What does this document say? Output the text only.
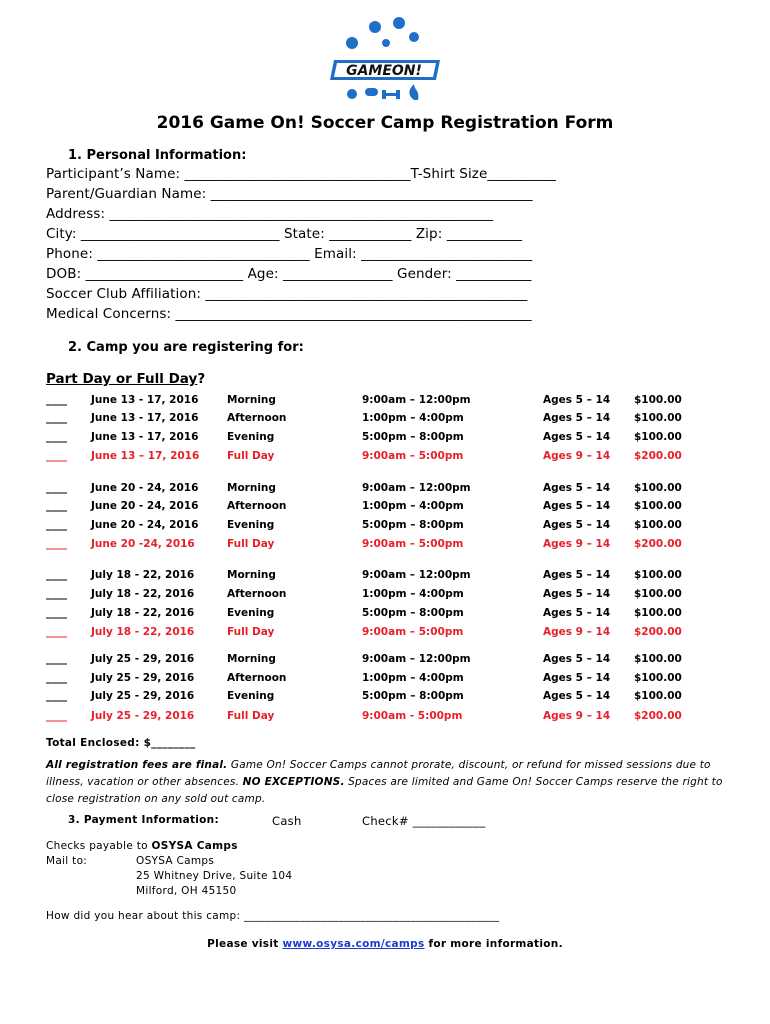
GAMEON!
2016 Game On! Soccer Camp Registration Form
1. Personal Information:
Participant’s Name: _________________________________T-Shirt Size__________
Parent/Guardian Name: _______________________________________________
Address: ________________________________________________________
City: _____________________________ State: ____________ Zip: ___________
Phone: _______________________________ Email: _________________________
DOB: _______________________ Age: ________________ Gender: ___________
Soccer Club Affiliation: _______________________________________________
Medical Concerns: ____________________________________________________
2. Camp you are registering for:
Part Day or Full Day?
____ June 13 - 17, 2016	Morning	9:00am – 12:00pm	Ages 5 – 14 $100.00
____ June 13 - 17, 2016	Afternoon	1:00pm – 4:00pm	Ages 5 – 14 $100.00
____ June 13 - 17, 2016	Evening	5:00pm – 8:00pm	Ages 5 – 14 $100.00
____ June 13 – 17, 2016	Full Day	9:00am – 5:00pm	Ages 9 – 14 $200.00
____ June 20 - 24, 2016	Morning	9:00am – 12:00pm	Ages 5 – 14 $100.00
____ June 20 - 24, 2016	Afternoon	1:00pm – 4:00pm	Ages 5 – 14 $100.00
____ June 20 - 24, 2016	Evening	5:00pm – 8:00pm	Ages 5 – 14 $100.00
____ June 20 -24, 2016	Full Day	9:00am – 5:00pm	Ages 9 – 14 $200.00
____ July 18 - 22, 2016	Morning	9:00am – 12:00pm	Ages 5 – 14 $100.00
____ July 18 - 22, 2016	Afternoon	1:00pm – 4:00pm	Ages 5 – 14 $100.00
____ July 18 - 22, 2016	Evening	5:00pm – 8:00pm	Ages 5 – 14 $100.00
____ July 18 - 22, 2016	Full Day	9:00am – 5:00pm	Ages 9 – 14 $200.00
____ July 25 - 29, 2016	Morning	9:00am – 12:00pm	Ages 5 – 14 $100.00
____ July 25 - 29, 2016	Afternoon	1:00pm – 4:00pm	Ages 5 – 14 $100.00
____ July 25 - 29, 2016	Evening	5:00pm – 8:00pm	Ages 5 – 14 $100.00
____ July 25 - 29, 2016	Full Day	9:00am - 5:00pm	Ages 9 – 14 $200.00
Total Enclosed: $________
All registration fees are final. Game On! Soccer Camps cannot prorate, discount, or refund for missed sessions due to illness, vacation or other absences. NO EXCEPTIONS. Spaces are limited and Game On! Soccer Camps reserve the right to close registration on any sold out camp.
3. Payment Information:	Cash	Check# ____________
Checks payable to OSYSA Camps
Mail to:	OSYSA Camps
25 Whitney Drive, Suite 104
Milford, OH 45150
How did you hear about this camp: ______________________________________________
Please visit www.osysa.com/camps for more information.
